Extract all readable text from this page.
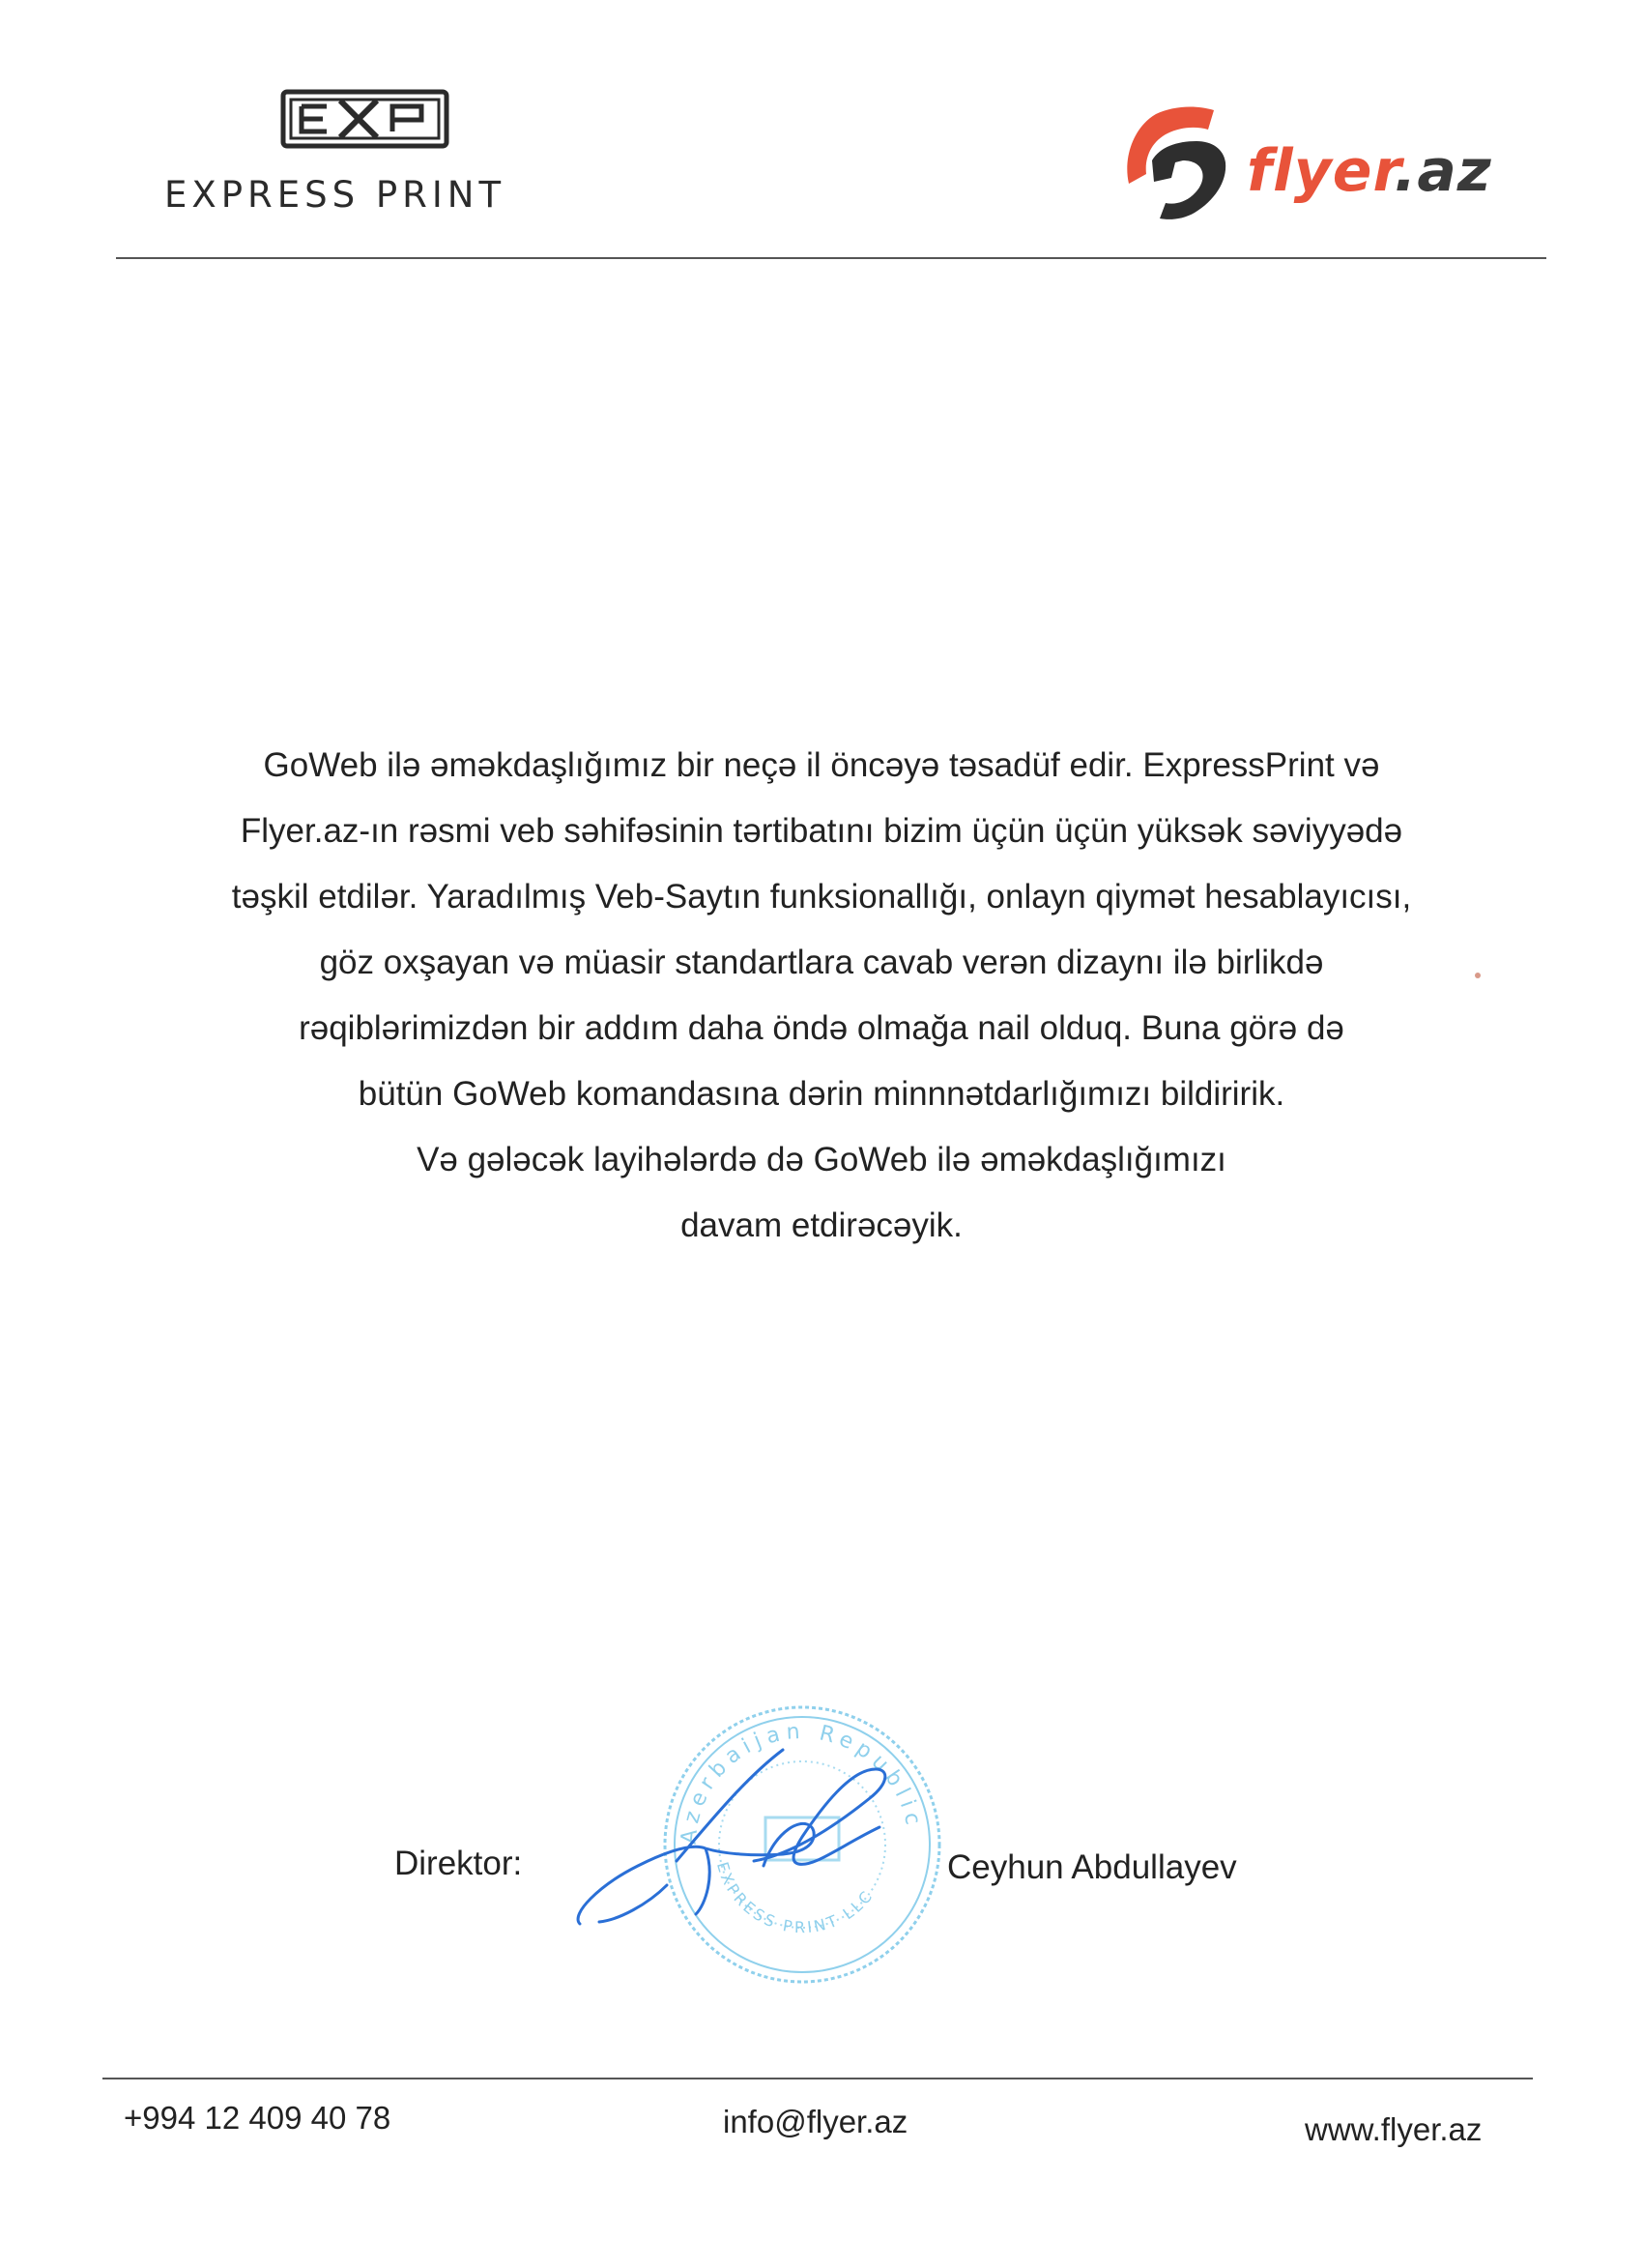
EXPRESS PRINT	flyer.az
GoWeb ilə əməkdaşlığımız bir neçə il öncəyə təsadüf edir. ExpressPrint və
Flyer.az-ın rəsmi veb səhifəsinin tərtibatını bizim üçün üçün yüksək səviyyədə
təşkil etdilər. Yaradılmış Veb-Saytın funksionallığı, onlayn qiymət hesablayıcısı,
göz oxşayan və müasir standartlara cavab verən dizaynı ilə birlikdə
rəqiblərimizdən bir addım daha öndə olmağa nail olduq. Buna görə də
bütün GoWeb komandasına dərin minnnətdarlığımızı bildiririk.
Və gələcək layihələrdə də GoWeb ilə əməkdaşlığımızı
davam etdirəcəyik.
Direktor:
Azerbaijan Republic
EXPRESS PRINT LLC
Ceyhun Abdullayev
+994 12 409 40 78	info@flyer.az	www.flyer.az
